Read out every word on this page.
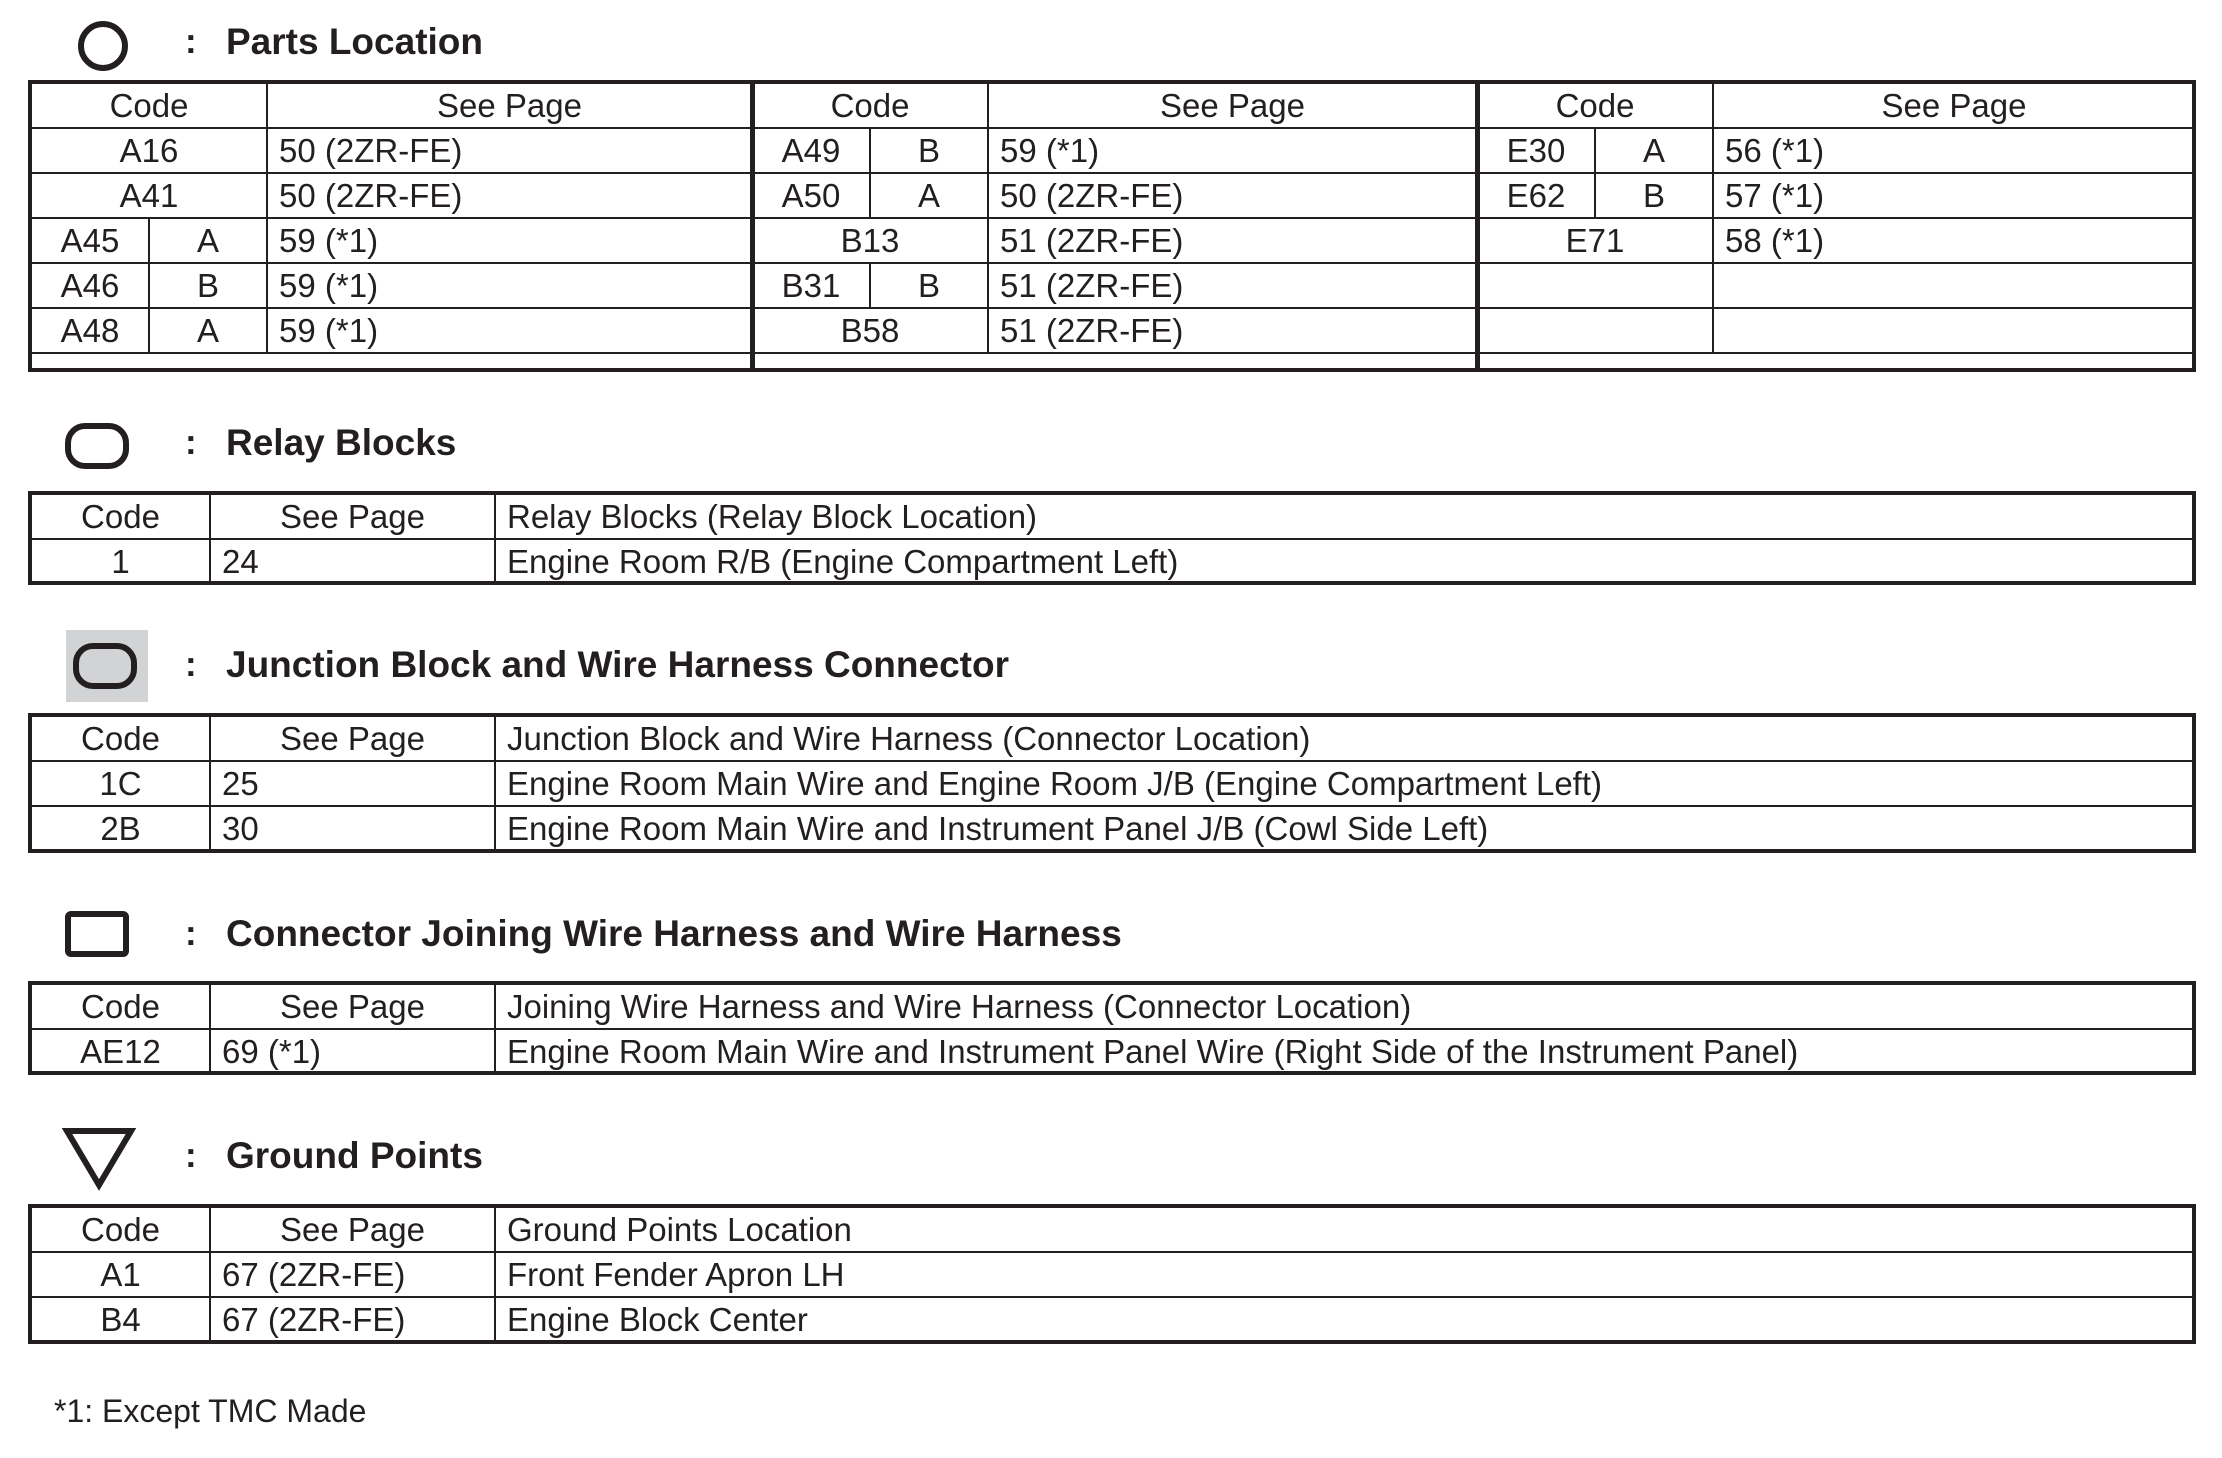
: Parts Location
Code		See Page
A16		50 (2ZR-FE)
A41		50 (2ZR-FE)
A45	A	59 (*1)
A46	B	59 (*1)
A48	A	59 (*1)
Code		See Page
A49	B	59 (*1)
A50	A	50 (2ZR-FE)
B13		51 (2ZR-FE)
B31	B	51 (2ZR-FE)
B58		51 (2ZR-FE)
Code		See Page
E30	A	56 (*1)
E62	B	57 (*1)
E71		58 (*1)

: Relay Blocks
Code	See Page	Relay Blocks (Relay Block Location)
1	24	Engine Room R/B (Engine Compartment Left)
: Junction Block and Wire Harness Connector
Code	See Page	Junction Block and Wire Harness (Connector Location)
1C	25	Engine Room Main Wire and Engine Room J/B (Engine Compartment Left)
2B	30	Engine Room Main Wire and Instrument Panel J/B (Cowl Side Left)
: Connector Joining Wire Harness and Wire Harness
Code	See Page	Joining Wire Harness and Wire Harness (Connector Location)
AE12	69 (*1)	Engine Room Main Wire and Instrument Panel Wire (Right Side of the Instrument Panel)
: Ground Points
Code	See Page	Ground Points Location
A1	67 (2ZR-FE)	Front Fender Apron LH
B4	67 (2ZR-FE)	Engine Block Center
*1: Except TMC Made
